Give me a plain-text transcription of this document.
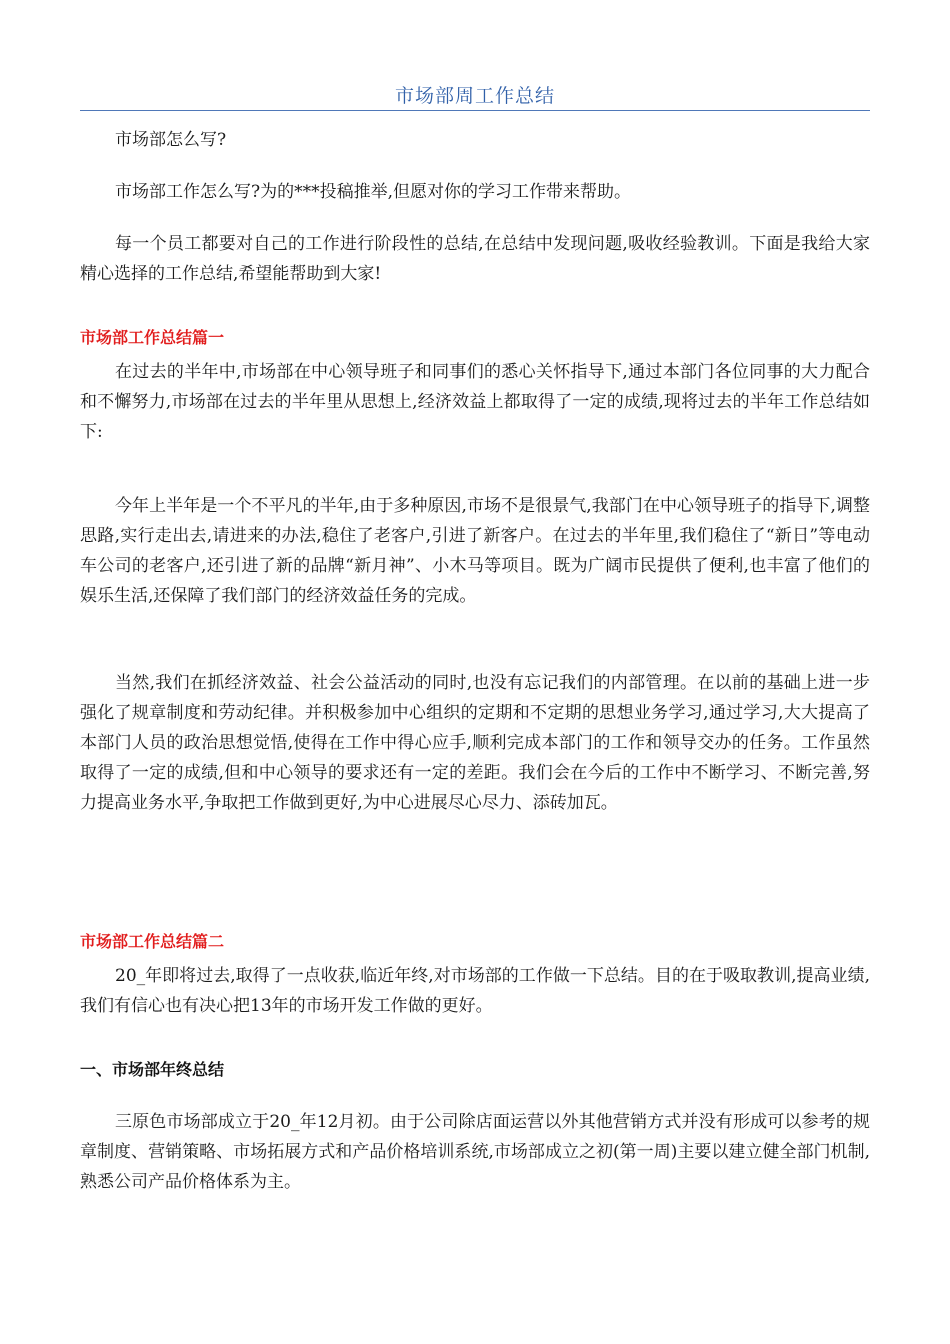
市场部周工作总结

市场部怎么写?

市场部工作怎么写?为的***投稿推举,但愿对你的学习工作带来帮助。

每一个员工都要对自己的工作进行阶段性的总结,在总结中发现问题,吸收经验教训。下面是我给大家精心选择的工作总结,希望能帮助到大家!

市场部工作总结篇一

在过去的半年中,市场部在中心领导班子和同事们的悉心关怀指导下,通过本部门各位同事的大力配合和不懈努力,市场部在过去的半年里从思想上,经济效益上都取得了一定的成绩,现将过去的半年工作总结如下:

今年上半年是一个不平凡的半年,由于多种原因,市场不是很景气,我部门在中心领导班子的指导下,调整思路,实行走出去,请进来的办法,稳住了老客户,引进了新客户。在过去的半年里,我们稳住了“新日”等电动车公司的老客户,还引进了新的品牌“新月神”、小木马等项目。既为广阔市民提供了便利,也丰富了他们的娱乐生活,还保障了我们部门的经济效益任务的完成。

当然,我们在抓经济效益、社会公益活动的同时,也没有忘记我们的内部管理。在以前的基础上进一步强化了规章制度和劳动纪律。并积极参加中心组织的定期和不定期的思想业务学习,通过学习,大大提高了本部门人员的政治思想觉悟,使得在工作中得心应手,顺利完成本部门的工作和领导交办的任务。工作虽然取得了一定的成绩,但和中心领导的要求还有一定的差距。我们会在今后的工作中不断学习、不断完善,努力提高业务水平,争取把工作做到更好,为中心进展尽心尽力、添砖加瓦。

市场部工作总结篇二

20_年即将过去,取得了一点收获,临近年终,对市场部的工作做一下总结。目的在于吸取教训,提高业绩,我们有信心也有决心把13年的市场开发工作做的更好。

一、市场部年终总结

三原色市场部成立于20_年12月初。由于公司除店面运营以外其他营销方式并没有形成可以参考的规章制度、营销策略、市场拓展方式和产品价格培训系统,市场部成立之初(第一周)主要以建立健全部门机制,熟悉公司产品价格体系为主。
